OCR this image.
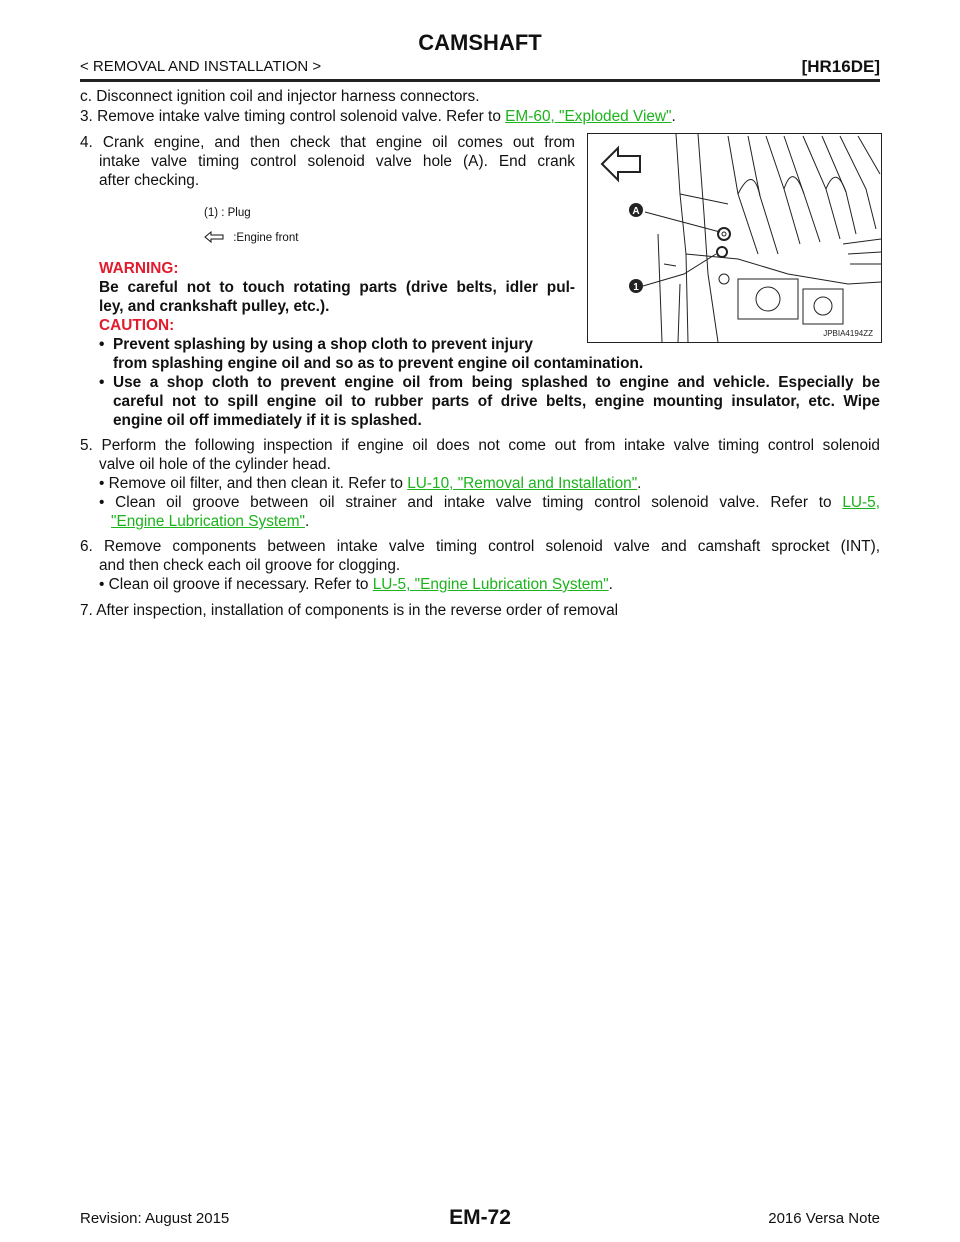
CAMSHAFT
< REMOVAL AND INSTALLATION >	[HR16DE]
c. Disconnect ignition coil and injector harness connectors.
3. Remove intake valve timing control solenoid valve. Refer to EM-60, "Exploded View".
4. Crank engine, and then check that engine oil comes out from
intake valve timing control solenoid valve hole (A). End crank
after checking.
(1) : Plug
:Engine front
WARNING:
Be careful not to touch rotating parts (drive belts, idler pul-
ley, and crankshaft pulley, etc.).
CAUTION:
• Prevent splashing by using a shop cloth to prevent injury
from splashing engine oil and so as to prevent engine oil contamination.
• Use a shop cloth to prevent engine oil from being splashed to engine and vehicle. Especially be
careful not to spill engine oil to rubber parts of drive belts, engine mounting insulator, etc. Wipe
engine oil off immediately if it is splashed.
5. Perform the following inspection if engine oil does not come out from intake valve timing control solenoid
valve oil hole of the cylinder head.
• Remove oil filter, and then clean it. Refer to LU-10, "Removal and Installation".
• Clean oil groove between oil strainer and intake valve timing control solenoid valve. Refer to LU-5,
"Engine Lubrication System".
6. Remove components between intake valve timing control solenoid valve and camshaft sprocket (INT),
and then check each oil groove for clogging.
• Clean oil groove if necessary. Refer to LU-5, "Engine Lubrication System".
7. After inspection, installation of components is in the reverse order of removal
A
1
JPBIA4194ZZ
Revision: August 2015	EM-72	2016 Versa Note
